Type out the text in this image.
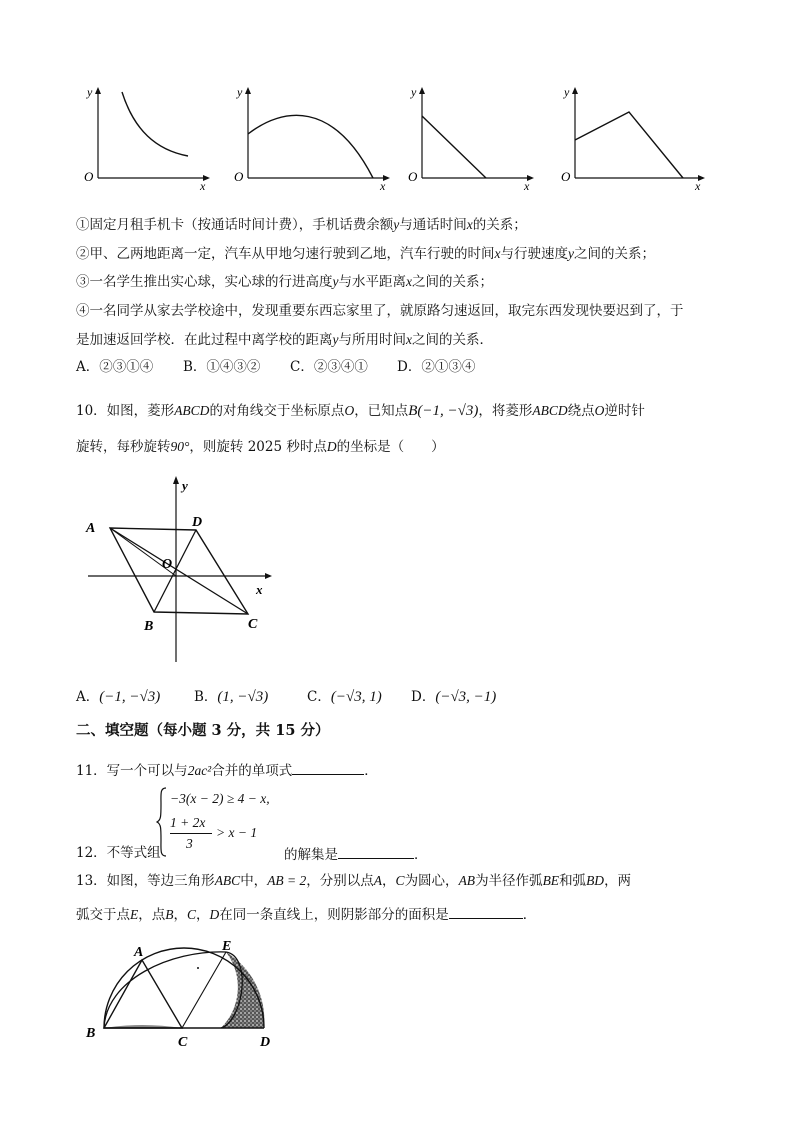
y
O
x
y
O
x
y
O
x
y
O
x
①固定月租手机卡（按通话时间计费），手机话费余额y与通话时间x的关系；
②甲、乙两地距离一定，汽车从甲地匀速行驶到乙地，汽车行驶的时间x与行驶速度y之间的关系；
③一名学生推出实心球，实心球的行进高度y与水平距离x之间的关系；
④一名同学从家去学校途中，发现重要东西忘家里了，就原路匀速返回，取完东西发现快要迟到了，于
是加速返回学校．在此过程中离学校的距离y与所用时间x之间的关系．
A．②③①④ B．①④③② C．②③④① D．②①③④
10．如图，菱形ABCD的对角线交于坐标原点O，已知点B(−1, −√3)，将菱形ABCD绕点O逆时针
旋转，每秒旋转90°，则旋转 2025 秒时点D的坐标是（　　）
A	D
O
B	C
x
y
A．(−1, −√3)	B．(1, −√3)	C．(−√3, 1) D．(−√3, −1)
二、填空题（每小题 3 分，共 15 分）
11．写一个可以与2ac²合并的单项式	．
12．不等式组
−3(x − 2) ≥ 4 − x,
1 + 2x
3
> x − 1
的解集是	．
13．如图，等边三角形ABC中，AB = 2，分别以点A，C为圆心，AB为半径作弧BE和弧BD，两
弧交于点E，点B，C，D在同一条直线上，则阴影部分的面积是	．
A	E
B
C	D
